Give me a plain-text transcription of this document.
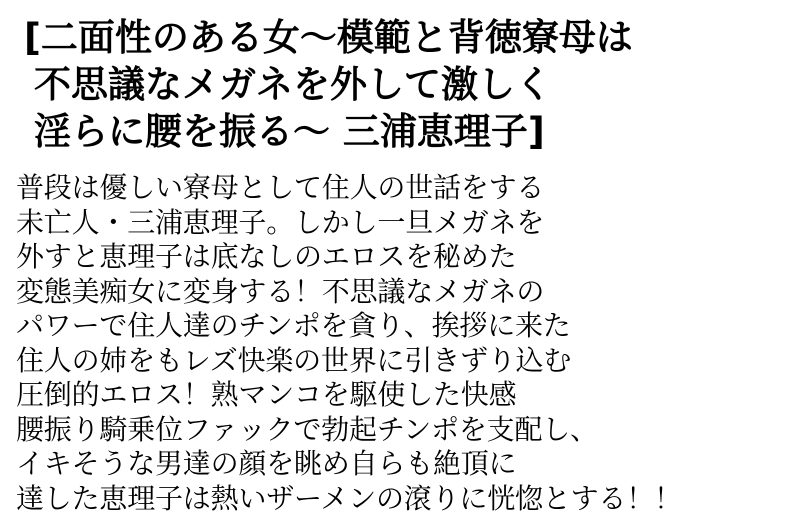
[二面性のある女〜模範と背徳寮母は
不思議なメガネを外して激しく
淫らに腰を振る〜 三浦恵理子]
普段は優しい寮母として住人の世話をする
未亡人・三浦恵理子。しかし一旦メガネを
外すと恵理子は底なしのエロスを秘めた
変態美痴女に変身する！不思議なメガネの
パワーで住人達のチンポを貪り、挨拶に来た
住人の姉をもレズ快楽の世界に引きずり込む
圧倒的エロス！熟マンコを駆使した快感
腰振り騎乗位ファックで勃起チンポを支配し、
イキそうな男達の顔を眺め自らも絶頂に
達した恵理子は熱いザーメンの滾りに恍惚とする！！
